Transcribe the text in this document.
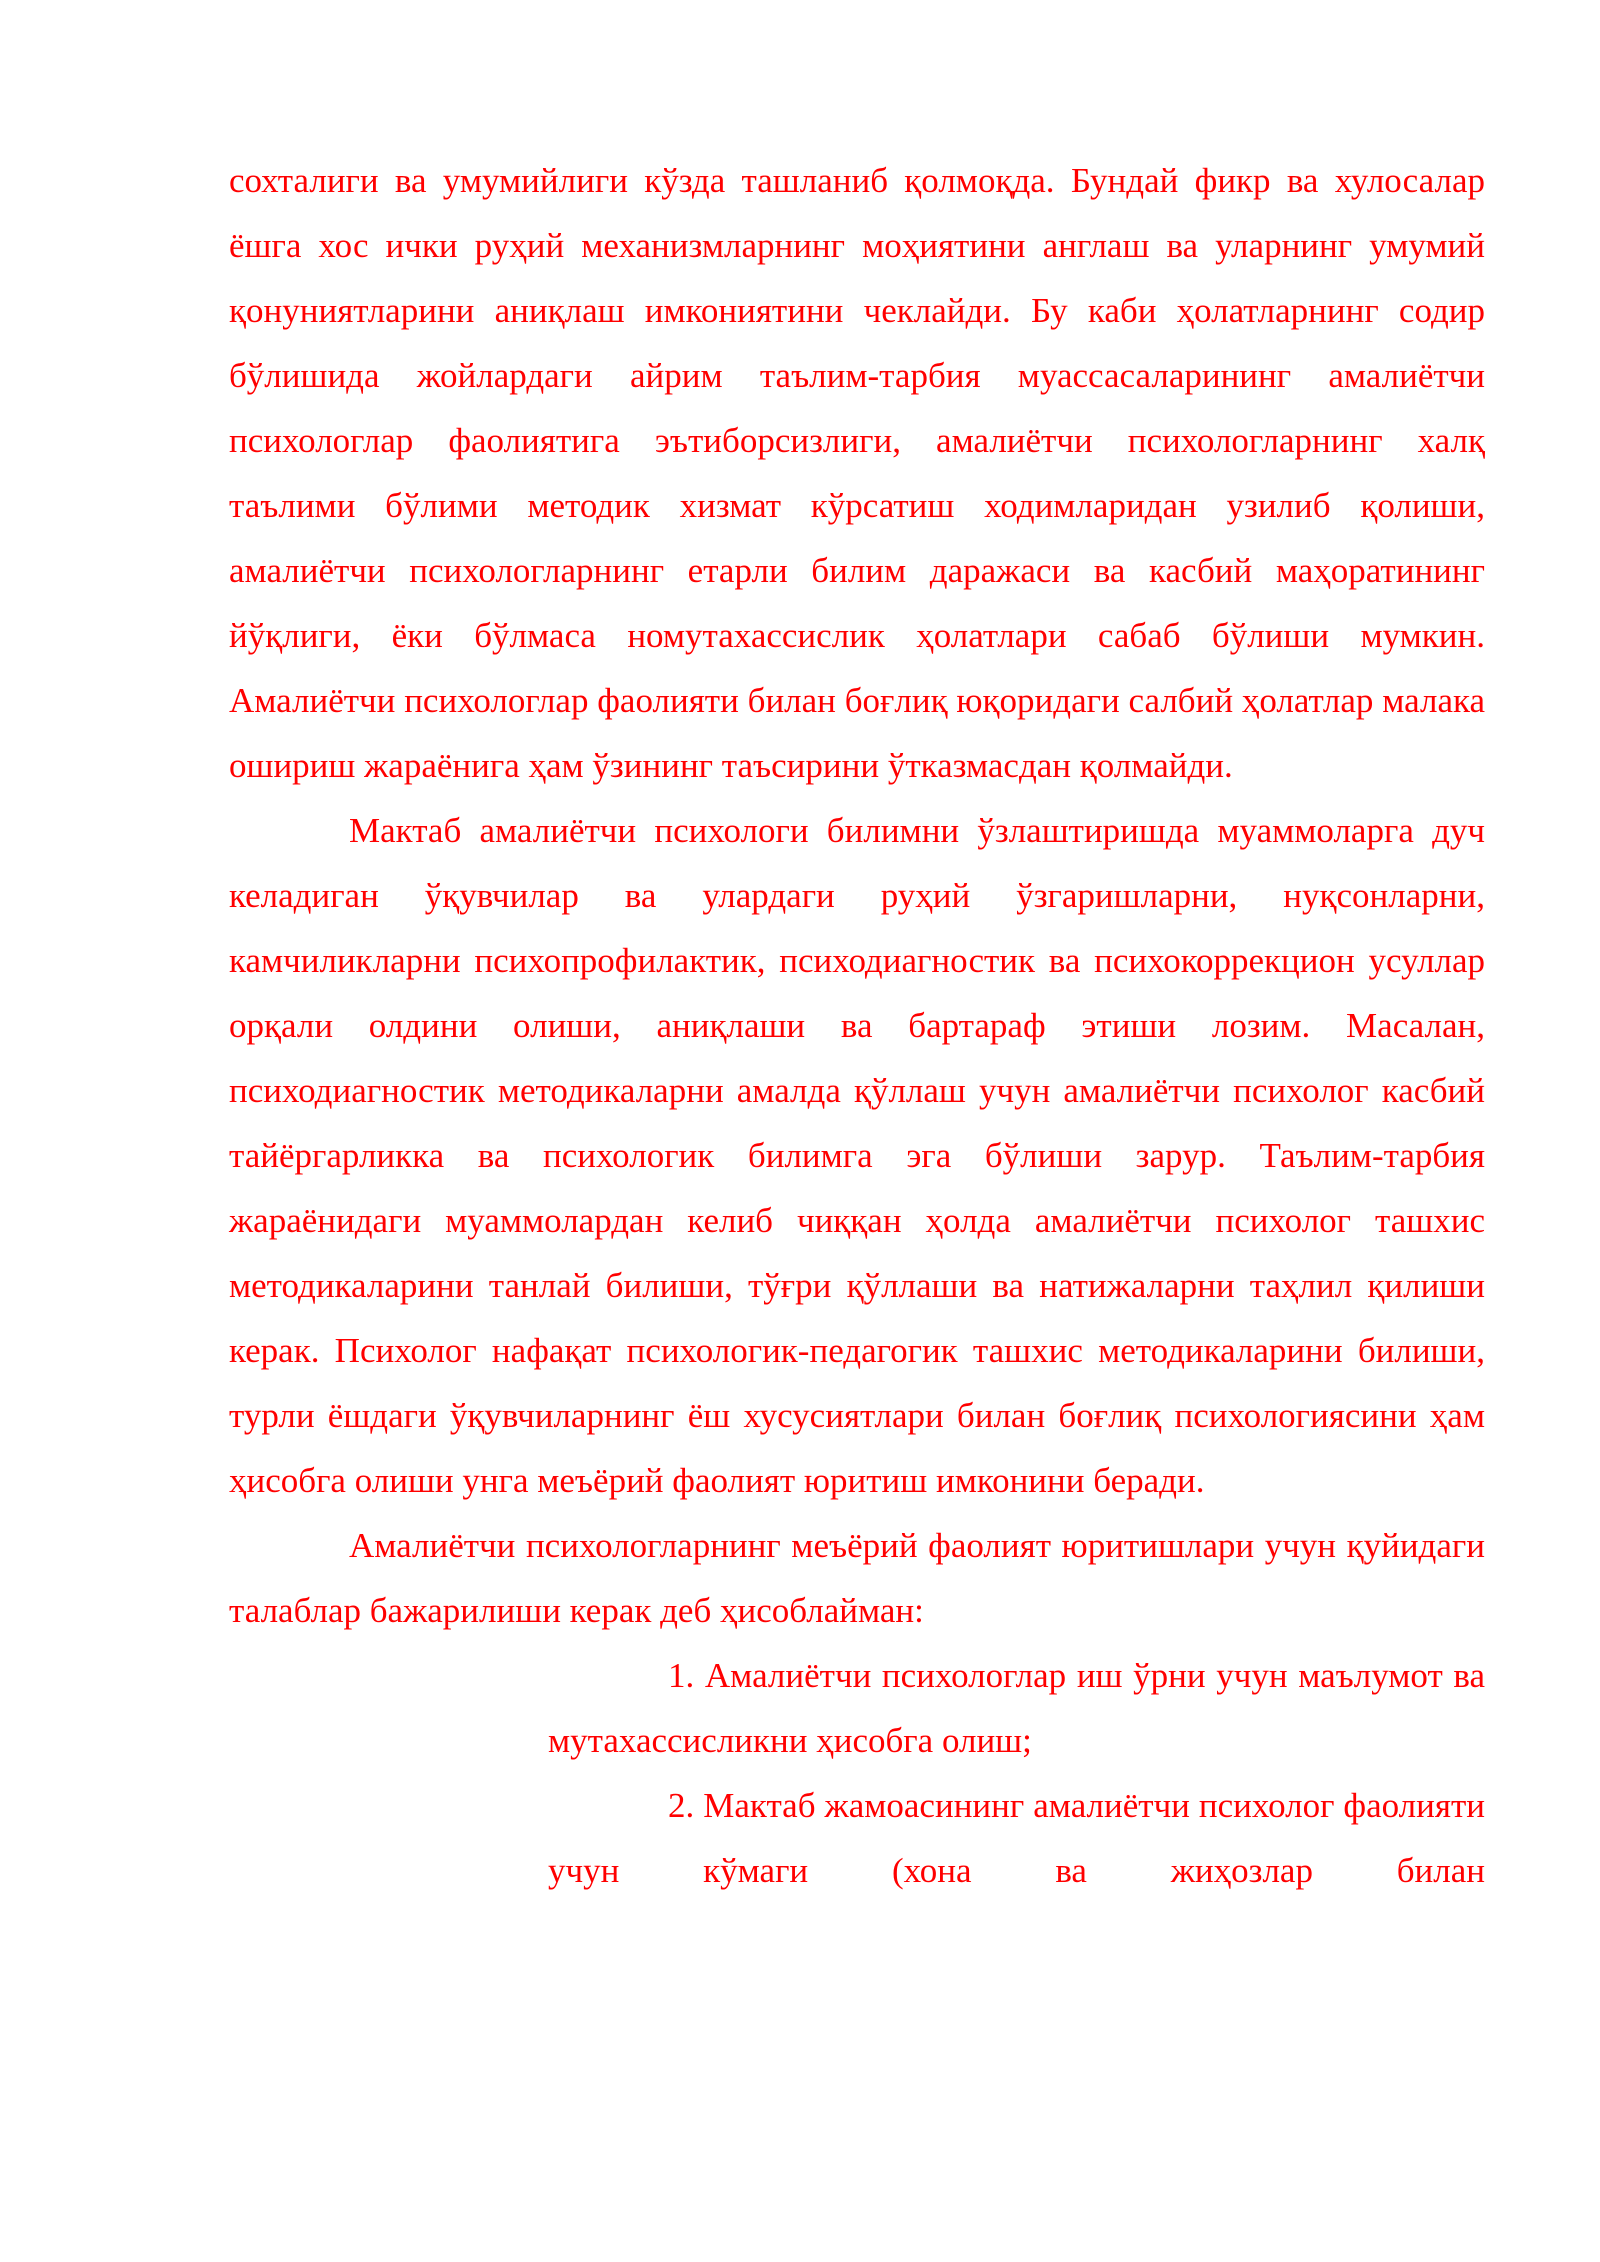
сохталиги ва умумийлиги кўзда ташланиб қолмоқда. Бундай фикр ва хулосалар ёшга хос ички руҳий механизмларнинг моҳиятини англаш ва уларнинг умумий қонуниятларини аниқлаш имкониятини чеклайди. Бу каби ҳолатларнинг содир бўлишида жойлардаги айрим таълим-тарбия муассасаларининг амалиётчи психологлар фаолиятига эътиборсизлиги, амалиётчи психологларнинг халқ таълими бўлими методик хизмат кўрсатиш ходимларидан узилиб қолиши, амалиётчи психологларнинг етарли билим даражаси ва касбий маҳоратининг йўқлиги, ёки бўлмаса номутахассислик ҳолатлари сабаб бўлиши мумкин. Амалиётчи психологлар фаолияти билан боғлиқ юқоридаги салбий ҳолатлар малака ошириш жараёнига ҳам ўзининг таъсирини ўтказмасдан қолмайди.

Мактаб амалиётчи психологи билимни ўзлаштиришда муаммоларга дуч келадиган ўқувчилар ва улардаги руҳий ўзгаришларни, нуқсонларни, камчиликларни психопрофилактик, психодиагностик ва психокоррекцион усуллар орқали олдини олиши, аниқлаши ва бартараф этиши лозим. Масалан, психодиагностик методикаларни амалда қўллаш учун амалиётчи психолог касбий тайёргарликка ва психологик билимга эга бўлиши зарур. Таълим-тарбия жараёнидаги муаммолардан келиб чиққан ҳолда амалиётчи психолог ташхис методикаларини танлай билиши, тўғри қўллаши ва натижаларни таҳлил қилиши керак. Психолог нафақат психологик-педагогик ташхис методикаларини билиши, турли ёшдаги ўқувчиларнинг ёш хусусиятлари билан боғлиқ психологиясини ҳам ҳисобга олиши унга меъёрий фаолият юритиш имконини беради.

Амалиётчи психологларнинг меъёрий фаолият юритишлари учун қуйидаги талаблар бажарилиши керак деб ҳисоблайман:

1. Амалиётчи психологлар иш ўрни учун маълумот ва мутахассисликни ҳисобга олиш;
2. Мактаб жамоасининг амалиётчи психолог фаолияти учун кўмаги (хона ва жиҳозлар билан
